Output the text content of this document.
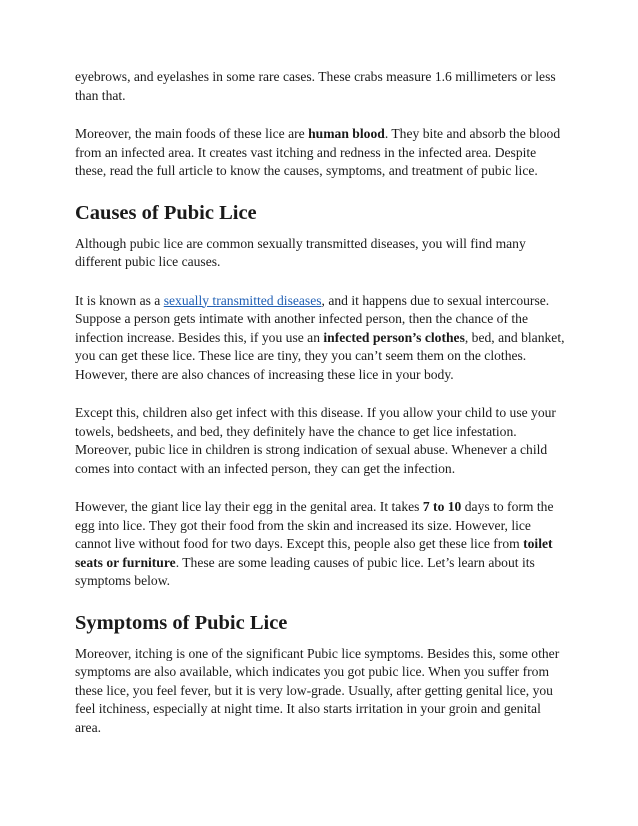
eyebrows, and eyelashes in some rare cases. These crabs measure 1.6 millimeters or less than that.

Moreover, the main foods of these lice are human blood. They bite and absorb the blood from an infected area. It creates vast itching and redness in the infected area. Despite these, read the full article to know the causes, symptoms, and treatment of pubic lice.

Causes of Pubic Lice

Although pubic lice are common sexually transmitted diseases, you will find many different pubic lice causes.

It is known as a sexually transmitted diseases, and it happens due to sexual intercourse. Suppose a person gets intimate with another infected person, then the chance of the infection increase. Besides this, if you use an infected person’s clothes, bed, and blanket, you can get these lice. These lice are tiny, they you can’t seem them on the clothes. However, there are also chances of increasing these lice in your body.

Except this, children also get infect with this disease. If you allow your child to use your towels, bedsheets, and bed, they definitely have the chance to get lice infestation. Moreover, pubic lice in children is strong indication of sexual abuse. Whenever a child comes into contact with an infected person, they can get the infection.

However, the giant lice lay their egg in the genital area. It takes 7 to 10 days to form the egg into lice. They got their food from the skin and increased its size. However, lice cannot live without food for two days. Except this, people also get these lice from toilet seats or furniture. These are some leading causes of pubic lice. Let’s learn about its symptoms below.

Symptoms of Pubic Lice

Moreover, itching is one of the significant Pubic lice symptoms. Besides this, some other symptoms are also available, which indicates you got pubic lice. When you suffer from these lice, you feel fever, but it is very low-grade. Usually, after getting genital lice, you feel itchiness, especially at night time. It also starts irritation in your groin and genital area.
